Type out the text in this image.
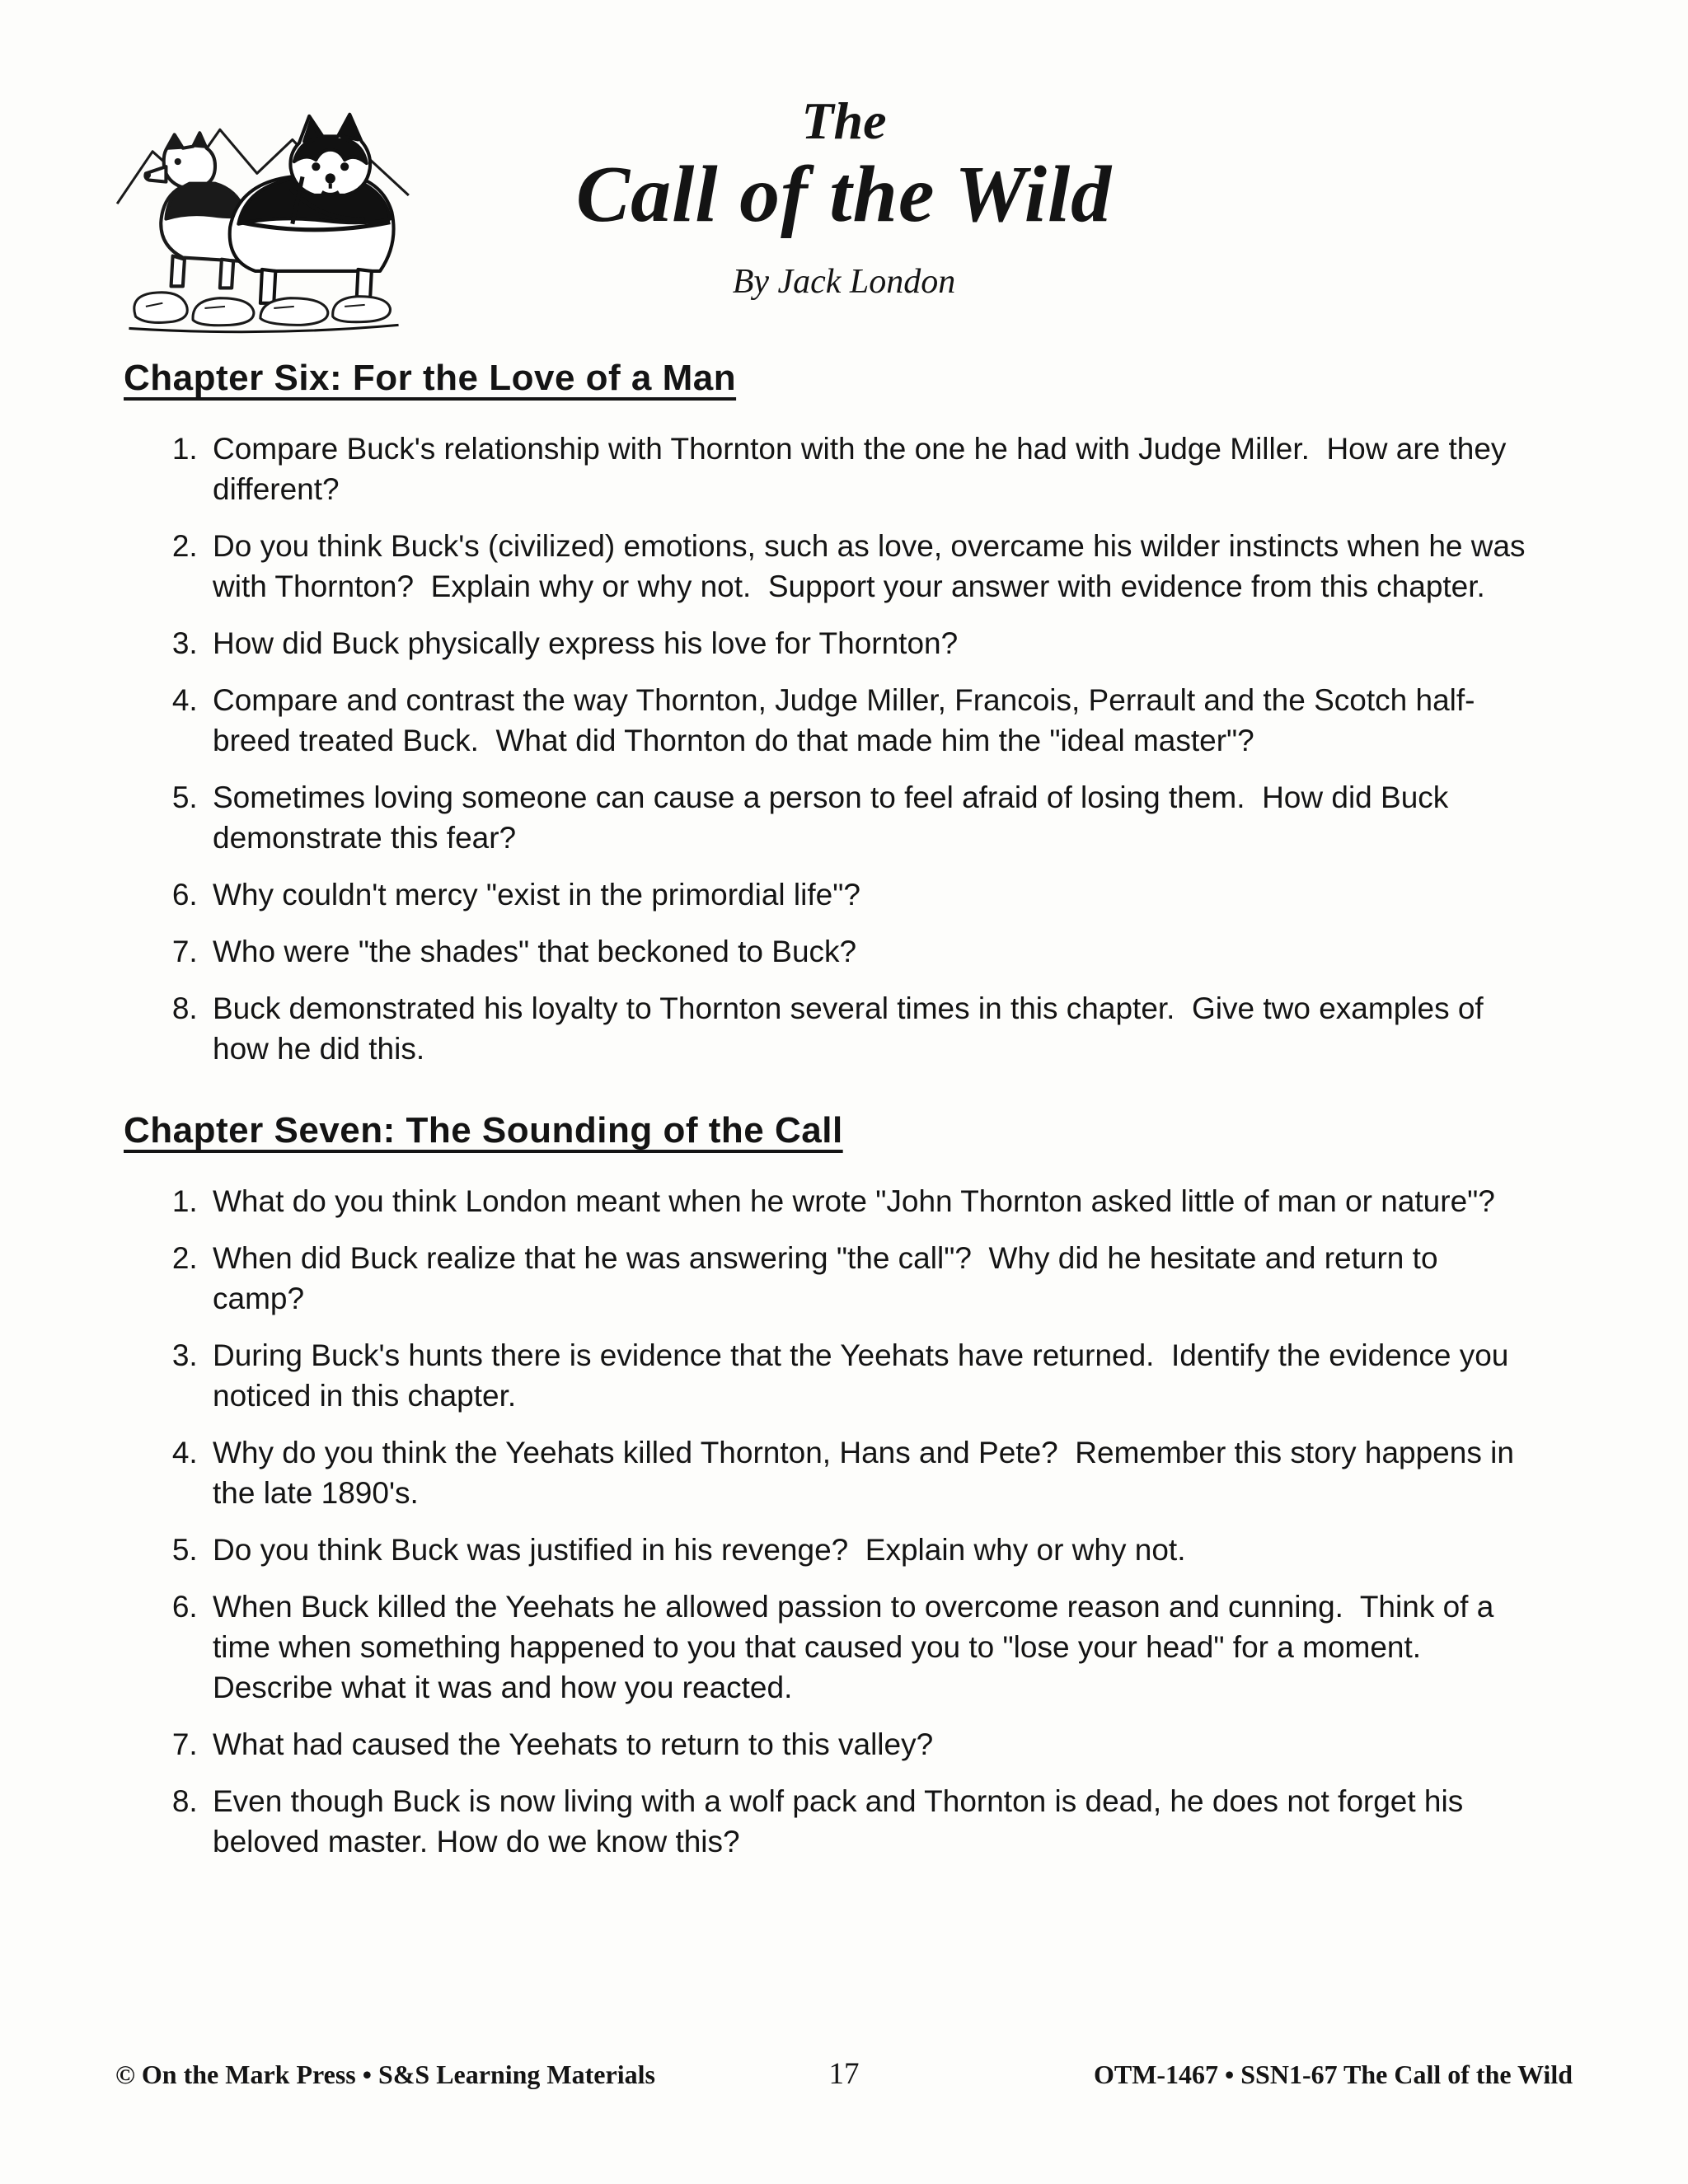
The
Call of the Wild
By Jack London
Chapter Six: For the Love of a Man
1. Compare Buck's relationship with Thornton with the one he had with Judge Miller.  How are they different?
2. Do you think Buck's (civilized) emotions, such as love, overcame his wilder instincts when he was with Thornton?  Explain why or why not.  Support your answer with evidence from this chapter.
3. How did Buck physically express his love for Thornton?
4. Compare and contrast the way Thornton, Judge Miller, Francois, Perrault and the Scotch half-breed treated Buck.  What did Thornton do that made him the "ideal master"?
5. Sometimes loving someone can cause a person to feel afraid of losing them.  How did Buck demonstrate this fear?
6. Why couldn't mercy "exist in the primordial life"?
7. Who were "the shades" that beckoned to Buck?
8. Buck demonstrated his loyalty to Thornton several times in this chapter.  Give two examples of how he did this.
Chapter Seven: The Sounding of the Call
1. What do you think London meant when he wrote "John Thornton asked little of man or nature"?
2. When did Buck realize that he was answering "the call"?  Why did he hesitate and return to camp?
3. During Buck's hunts there is evidence that the Yeehats have returned.  Identify the evidence you noticed in this chapter.
4. Why do you think the Yeehats killed Thornton, Hans and Pete?  Remember this story happens in the late 1890's.
5. Do you think Buck was justified in his revenge?  Explain why or why not.
6. When Buck killed the Yeehats he allowed passion to overcome reason and cunning.  Think of a time when something happened to you that caused you to "lose your head" for a moment.  Describe what it was and how you reacted.
7. What had caused the Yeehats to return to this valley?
8. Even though Buck is now living with a wolf pack and Thornton is dead, he does not forget his beloved master. How do we know this?
© On the Mark Press • S&S Learning Materials	17	OTM-1467 • SSN1-67 The Call of the Wild
